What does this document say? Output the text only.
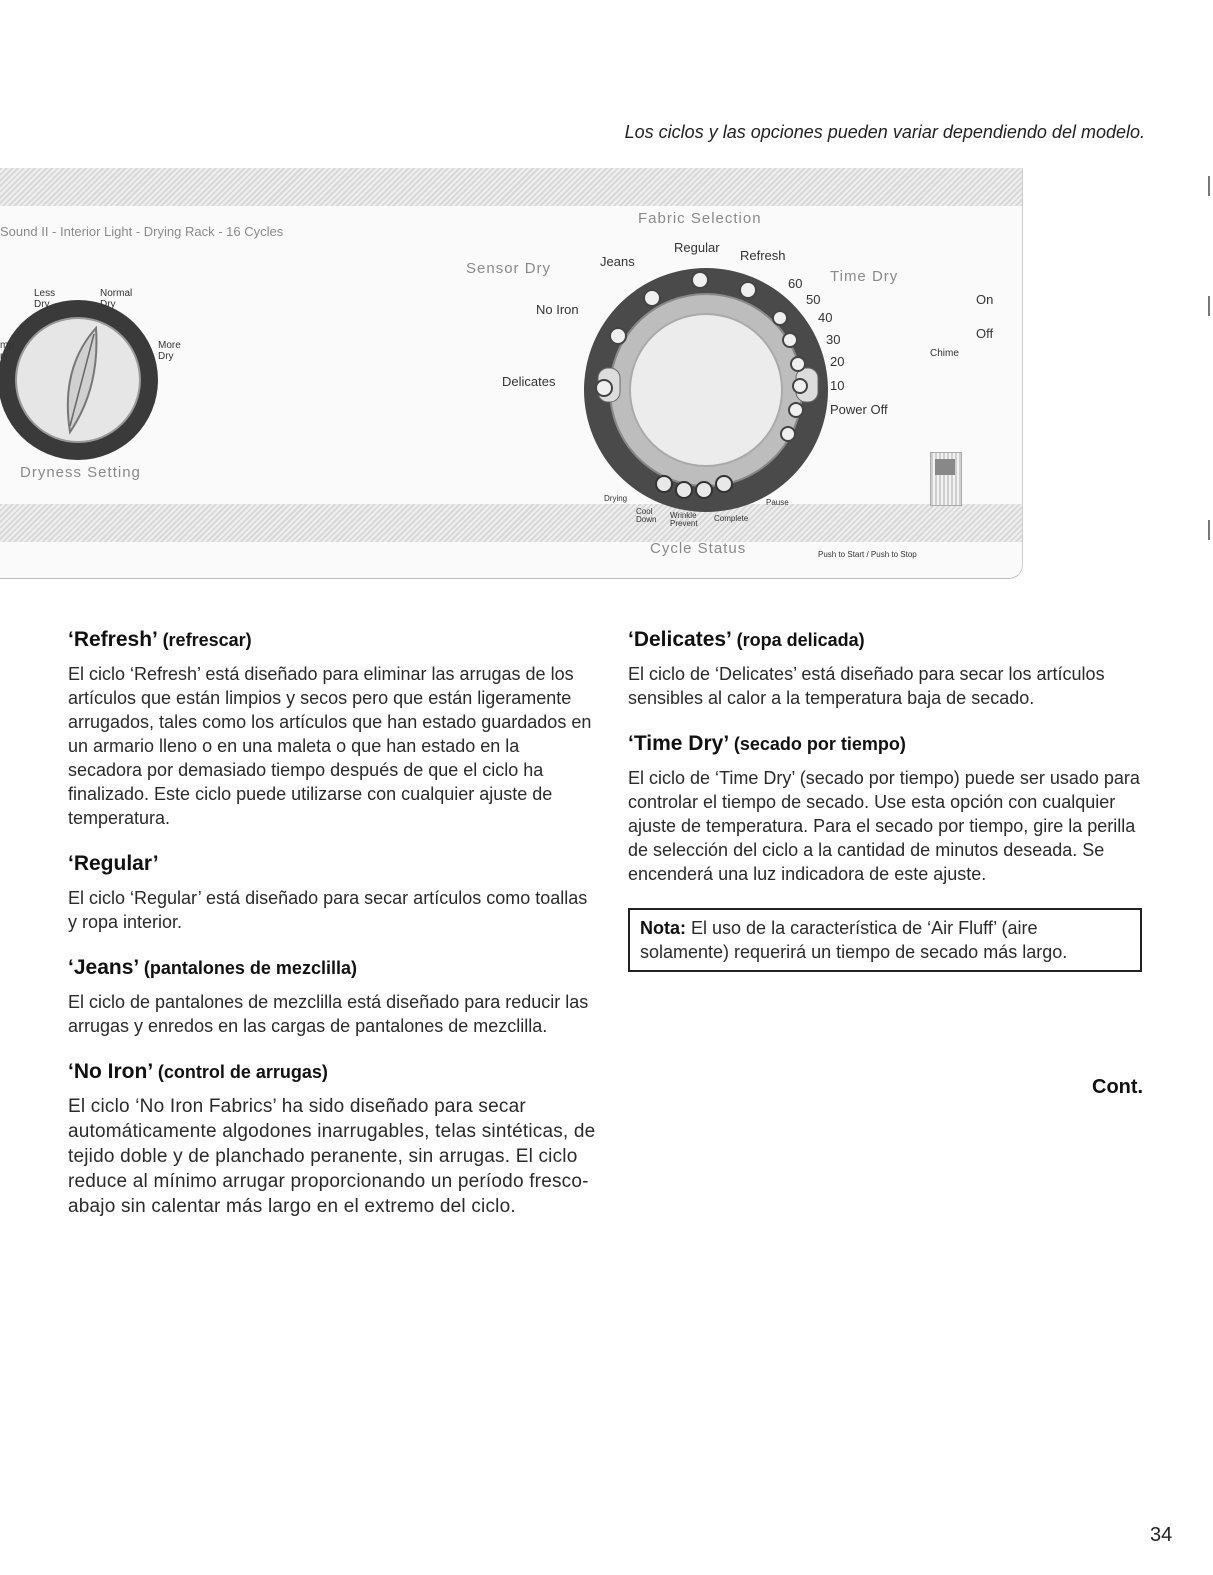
Los ciclos y las opciones pueden variar dependiendo del modelo.
Sound II - Interior Light - Drying Rack - 16 Cycles
Less
Dry
Normal
Dry
More
Dry
mp
ry
Dryness Setting
Fabric Selection
Sensor Dry	Time Dry
Jeans
Regular
Refresh
No Iron
Delicates
60
50
40
30
20
10
Power Off
On
Off
Chime
Drying
Cool
Down Wrinkle
Prevent
Complete
Pause
Cycle Status	Push to Start / Push to Stop
‘Refresh’ (refrescar)

El ciclo ‘Refresh’ está diseñado para eliminar las arrugas de los artículos que están limpios y secos pero que están ligeramente arrugados, tales como los artículos que han estado guardados en un armario lleno o en una maleta o que han estado en la secadora por demasiado tiempo después de que el ciclo ha finalizado. Este ciclo puede utilizarse con cualquier ajuste de temperatura.

‘Regular’

El ciclo ‘Regular’ está diseñado para secar artículos como toallas y ropa interior.

‘Jeans’ (pantalones de mezclilla)

El ciclo de pantalones de mezclilla está diseñado para reducir las arrugas y enredos en las cargas de pantalones de mezclilla.

‘No Iron’ (control de arrugas)

El ciclo ‘No Iron Fabrics’ ha sido diseñado para secar automáticamente algodones inarrugables, telas sintéticas, de tejido doble y de planchado peranente, sin arrugas. El ciclo reduce al mínimo arrugar proporcionando un período fresco-abajo sin calentar más largo en el extremo del ciclo.

‘Delicates’ (ropa delicada)

El ciclo de ‘Delicates’ está diseñado para secar los artículos sensibles al calor a la temperatura baja de secado.

‘Time Dry’ (secado por tiempo)

El ciclo de ‘Time Dry’ (secado por tiempo) puede ser usado para controlar el tiempo de secado. Use esta opción con cualquier ajuste de temperatura. Para el secado por tiempo, gire la perilla de selección del ciclo a la cantidad de minutos deseada. Se encenderá una luz indicadora de este ajuste.

Nota: El uso de la característica de ‘Air Fluff’ (aire solamente) requerirá un tiempo de secado más largo.
Cont.
34
